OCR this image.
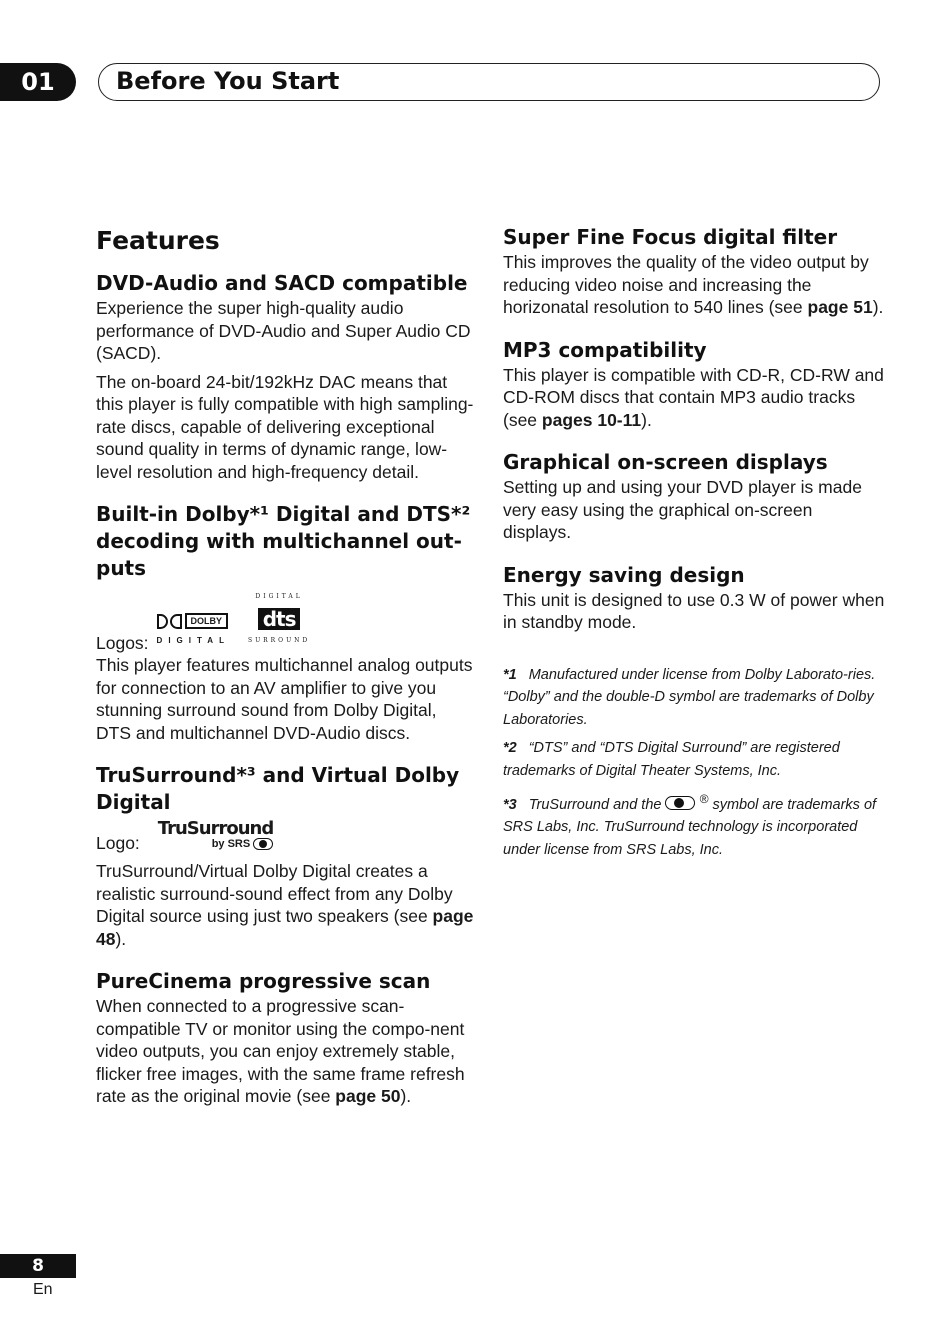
01	Before You Start
Features
DVD-Audio and SACD compatible

Experience the super high-quality audio performance of DVD-Audio and Super Audio CD (SACD).

The on-board 24-bit/192kHz DAC means that this player is fully compatible with high sampling-rate discs, capable of delivering exceptional sound quality in terms of dynamic range, low-level resolution and high-frequency detail.

Built-in Dolby*¹ Digital and DTS*² decoding with multichannel out-puts
Logos:
DOLBY
DIGITAL
DIGITAL
dts
SURROUND

This player features multichannel analog outputs for connection to an AV amplifier to give you stunning surround sound from Dolby Digital, DTS and multichannel DVD-Audio discs.

TruSurround*³ and Virtual Dolby Digital
Logo:
TruSurround
by SRS

TruSurround/Virtual Dolby Digital creates a realistic surround-sound effect from any Dolby Digital source using just two speakers (see page 48).

PureCinema progressive scan

When connected to a progressive scan-compatible TV or monitor using the compo-nent video outputs, you can enjoy extremely stable, flicker free images, with the same frame refresh rate as the original movie (see page 50).

Super Fine Focus digital filter

This improves the quality of the video output by reducing video noise and increasing the horizonatal resolution to 540 lines (see page 51).

MP3 compatibility

This player is compatible with CD-R, CD-RW and CD-ROM discs that contain MP3 audio tracks (see pages 10-11).

Graphical on-screen displays

Setting up and using your DVD player is made very easy using the graphical on-screen displays.

Energy saving design

This unit is designed to use 0.3 W of power when in standby mode.

*1 Manufactured under license from Dolby Laborato-ries. “Dolby” and the double-D symbol are trademarks of Dolby Laboratories.
*2 “DTS” and “DTS Digital Surround” are registered trademarks of Digital Theater Systems, Inc.
*3 TruSurround and the	® symbol are trademarks of SRS Labs, Inc. TruSurround technology is incorporated under license from SRS Labs, Inc.
8
En
